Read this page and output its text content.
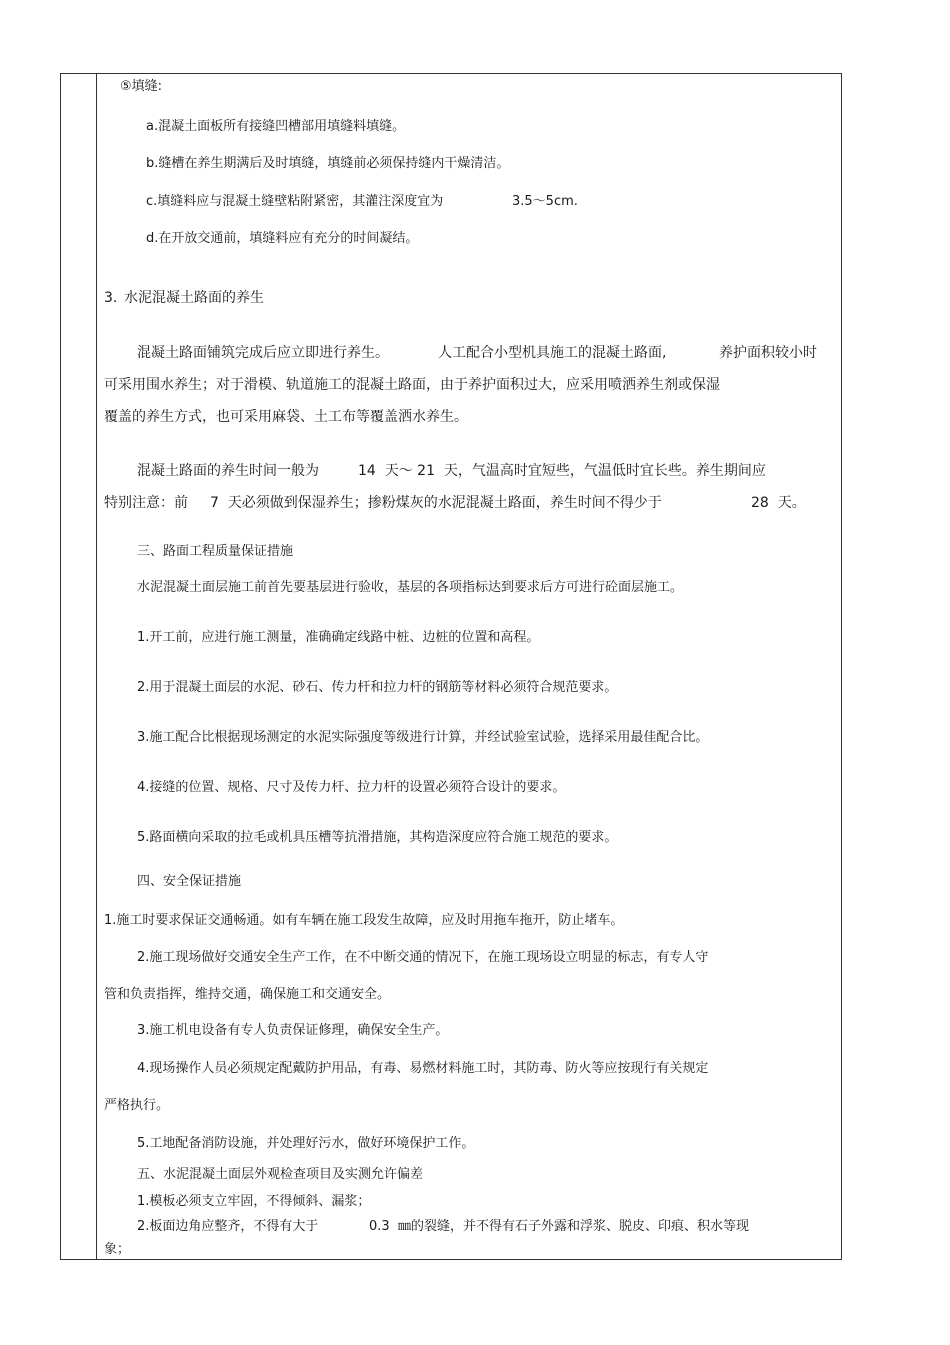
⑤填缝:
a.混凝土面板所有接缝凹槽部用填缝料填缝。
b.缝槽在养生期满后及时填缝，填缝前必须保持缝内干燥清洁。
c.填缝料应与混凝土缝壁粘附紧密，其灌注深度宜为	3.5～5cm.
d.在开放交通前，填缝料应有充分的时间凝结。
3. 水泥混凝土路面的养生
混凝土路面铺筑完成后应立即进行养生。	人工配合小型机具施工的混凝土路面,	养护面积较小时
可采用围水养生；对于滑模、轨道施工的混凝土路面，由于养护面积过大，应采用喷洒养生剂或保湿
覆盖的养生方式，也可采用麻袋、土工布等覆盖洒水养生。
混凝土路面的养生时间一般为	14  天～ 21  天，气温高时宜短些，气温低时宜长些。养生期间应
特别注意：前 7  天必须做到保湿养生；掺粉煤灰的水泥混凝土路面，养生时间不得少于	28  天。
三、路面工程质量保证措施
水泥混凝土面层施工前首先要基层进行验收，基层的各项指标达到要求后方可进行砼面层施工。
1.开工前，应进行施工测量，准确确定线路中桩、边桩的位置和高程。
2.用于混凝土面层的水泥、砂石、传力杆和拉力杆的钢筋等材料必须符合规范要求。
3.施工配合比根据现场测定的水泥实际强度等级进行计算，并经试验室试验，选择采用最佳配合比。
4.接缝的位置、规格、尺寸及传力杆、拉力杆的设置必须符合设计的要求。
5.路面横向采取的拉毛或机具压槽等抗滑措施，其构造深度应符合施工规范的要求。
四、安全保证措施
1.施工时要求保证交通畅通。如有车辆在施工段发生故障，应及时用拖车拖开，防止堵车。
2.施工现场做好交通安全生产工作，在不中断交通的情况下，在施工现场设立明显的标志，有专人守
管和负责指挥，维持交通，确保施工和交通安全。
3.施工机电设备有专人负责保证修理，确保安全生产。
4.现场操作人员必须规定配戴防护用品，有毒、易燃材料施工时，其防毒、防火等应按现行有关规定
严格执行。
5.工地配备消防设施，并处理好污水，做好环境保护工作。
五、水泥混凝土面层外观检查项目及实测允许偏差
1.模板必须支立牢固，不得倾斜、漏浆；
2.板面边角应整齐，不得有大于	0.3  ㎜的裂缝，并不得有石子外露和浮浆、脱皮、印痕、积水等现
象；
